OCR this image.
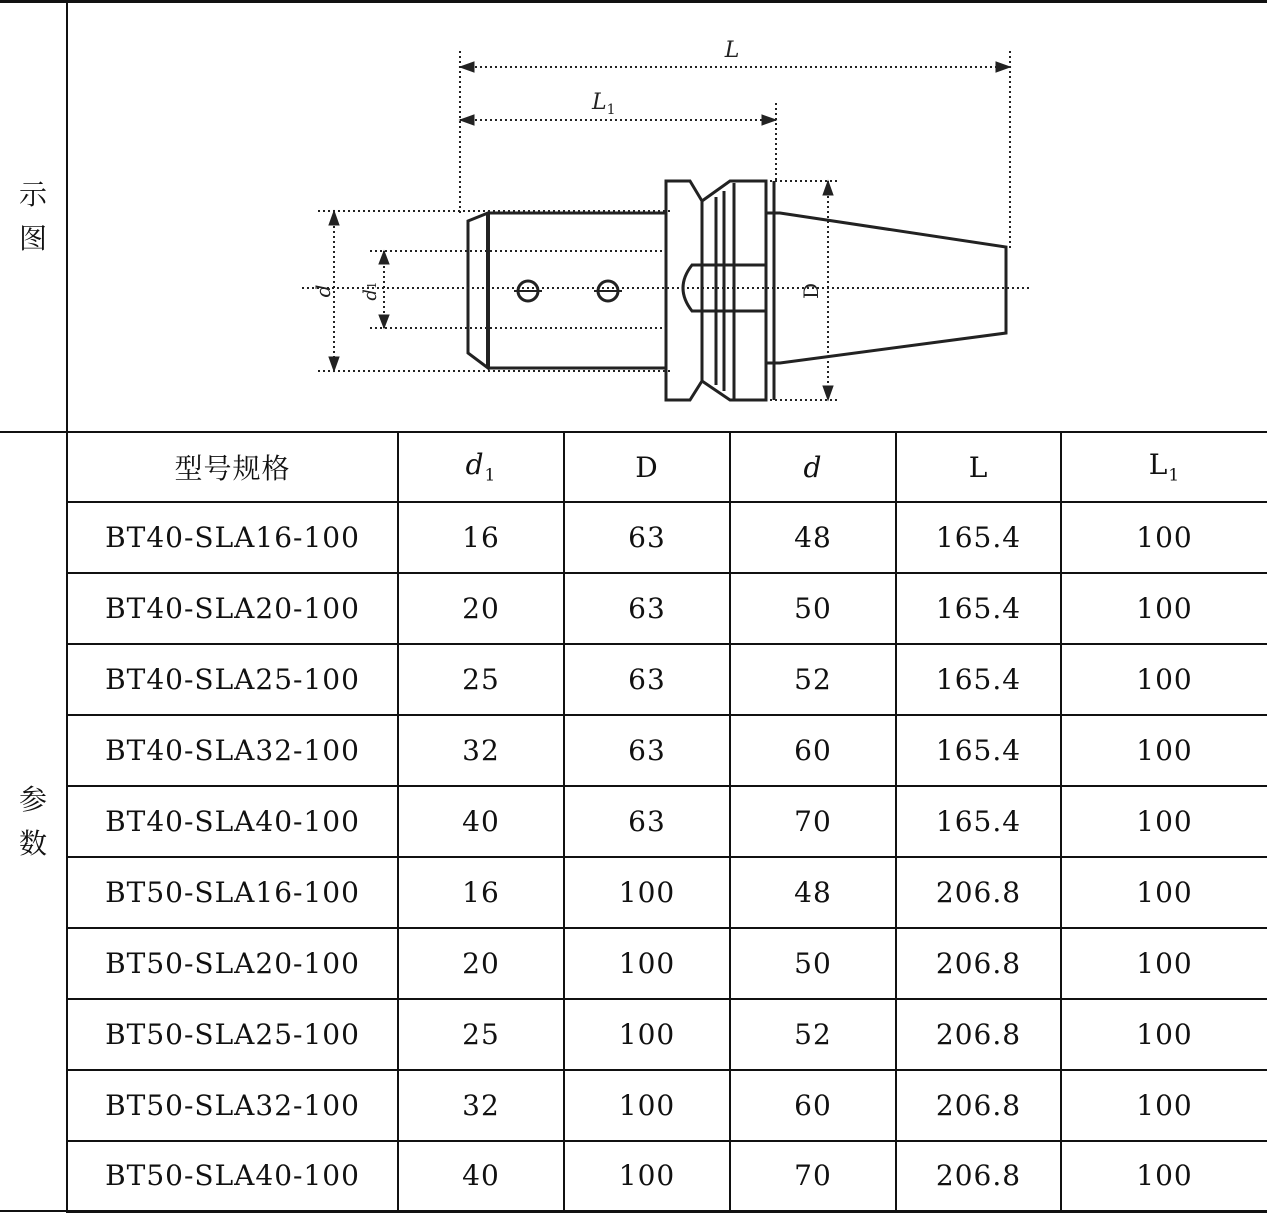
示
图	L
$L_1$
d d1 D					

参
数	型号规格	$d_1$	D	d	L	$L_1$
	BT40-SLA16-100	16	63	48	165.4	100
	BT40-SLA20-100	20	63	50	165.4	100
	BT40-SLA25-100	25	63	52	165.4	100
	BT40-SLA32-100	32	63	60	165.4	100
	BT40-SLA40-100	40	63	70	165.4	100
	BT50-SLA16-100	16	100	48	206.8	100
	BT50-SLA20-100	20	100	50	206.8	100
	BT50-SLA25-100	25	100	52	206.8	100
	BT50-SLA32-100	32	100	60	206.8	100
	BT50-SLA40-100	40	100	70	206.8	100
